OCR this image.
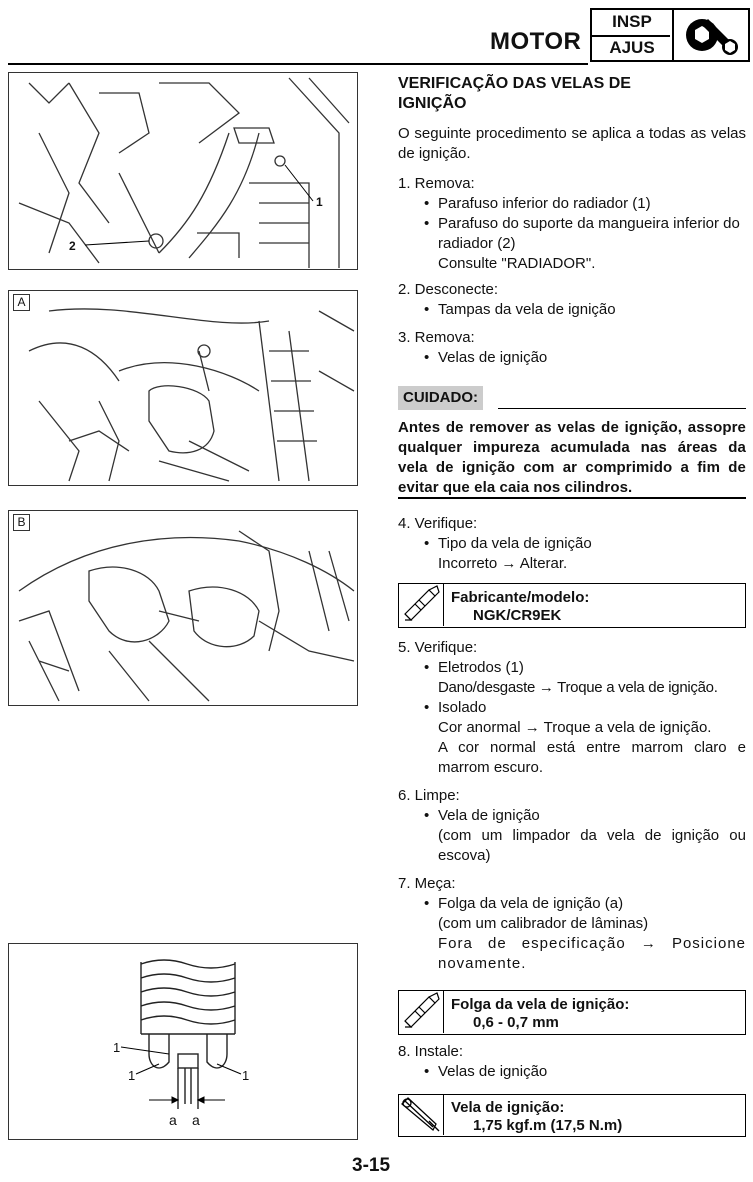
MOTOR
INSP
AJUS
1
2
A
B
1
1	1
a a
VERIFICAÇÃO DAS VELAS DE
IGNIÇÃO
O seguinte procedimento se aplica a todas as velas de ignição.
1. Remova:
• Parafuso inferior do radiador (1)
• Parafuso do suporte da mangueira inferior do radiador (2)
Consulte "RADIADOR".
2. Desconecte:
• Tampas da vela de ignição
3. Remova:
• Velas de ignição
CUIDADO:
Antes de remover as velas de ignição, assopre qualquer impureza acumulada nas áreas da vela de ignição com ar comprimido a fim de evitar que ela caia nos cilindros.
4. Verifique:
• Tipo da vela de ignição
Incorreto → Alterar.
Fabricante/modelo:
NGK/CR9EK
5. Verifique:
• Eletrodos (1)
Dano/desgaste → Troque a vela de ignição.
• Isolado
Cor anormal → Troque a vela de ignição.
A cor normal está entre marrom claro e marrom escuro.
6. Limpe:
• Vela de ignição
(com um limpador da vela de ignição ou escova)
7. Meça:
• Folga da vela de ignição (a)
(com um calibrador de lâminas)
Fora de especificação → Posicione novamente.
Folga da vela de ignição:
0,6 - 0,7 mm
8. Instale:
• Velas de ignição
Vela de ignição:
1,75 kgf.m (17,5 N.m)
3-15
